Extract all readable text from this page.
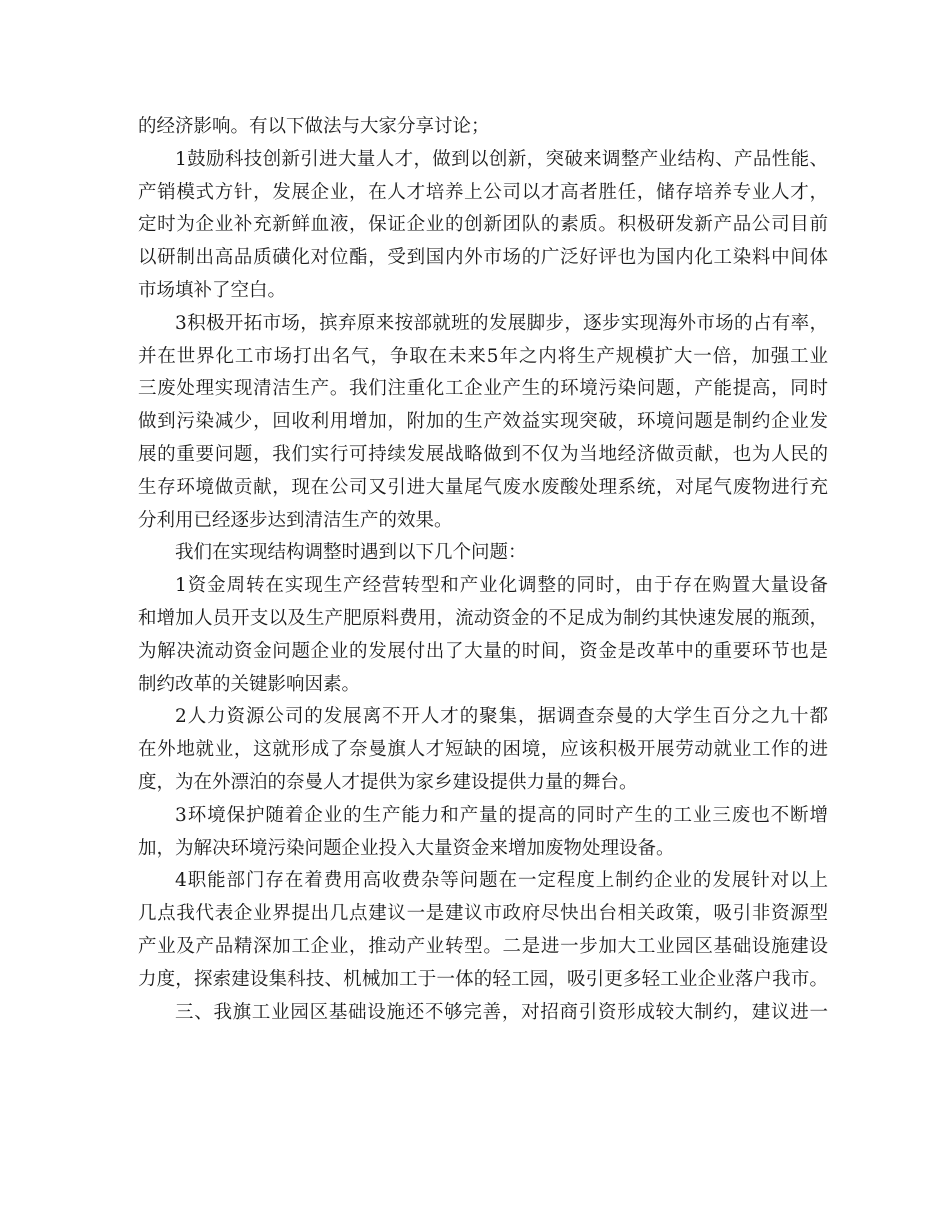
的经济影响。有以下做法与大家分享讨论；
1鼓励科技创新引进大量人才，做到以创新，突破来调整产业结构、产品性能、
产销模式方针，发展企业，在人才培养上公司以才高者胜任，储存培养专业人才，
定时为企业补充新鲜血液，保证企业的创新团队的素质。积极研发新产品公司目前
以研制出高品质磺化对位酯，受到国内外市场的广泛好评也为国内化工染料中间体
市场填补了空白。
3积极开拓市场，摈弃原来按部就班的发展脚步，逐步实现海外市场的占有率，
并在世界化工市场打出名气，争取在未来5年之内将生产规模扩大一倍，加强工业
三废处理实现清洁生产。我们注重化工企业产生的环境污染问题，产能提高，同时
做到污染减少，回收利用增加，附加的生产效益实现突破，环境问题是制约企业发
展的重要问题，我们实行可持续发展战略做到不仅为当地经济做贡献，也为人民的
生存环境做贡献，现在公司又引进大量尾气废水废酸处理系统，对尾气废物进行充
分利用已经逐步达到清洁生产的效果。
我们在实现结构调整时遇到以下几个问题：
1资金周转在实现生产经营转型和产业化调整的同时，由于存在购置大量设备
和增加人员开支以及生产肥原料费用，流动资金的不足成为制约其快速发展的瓶颈，
为解决流动资金问题企业的发展付出了大量的时间，资金是改革中的重要环节也是
制约改革的关键影响因素。
2人力资源公司的发展离不开人才的聚集，据调查奈曼的大学生百分之九十都
在外地就业，这就形成了奈曼旗人才短缺的困境，应该积极开展劳动就业工作的进
度，为在外漂泊的奈曼人才提供为家乡建设提供力量的舞台。
3环境保护随着企业的生产能力和产量的提高的同时产生的工业三废也不断增
加，为解决环境污染问题企业投入大量资金来增加废物处理设备。
4职能部门存在着费用高收费杂等问题在一定程度上制约企业的发展针对以上
几点我代表企业界提出几点建议一是建议市政府尽快出台相关政策，吸引非资源型
产业及产品精深加工企业，推动产业转型。二是进一步加大工业园区基础设施建设
力度，探索建设集科技、机械加工于一体的轻工园，吸引更多轻工业企业落户我市。
三、我旗工业园区基础设施还不够完善，对招商引资形成较大制约，建议进一
